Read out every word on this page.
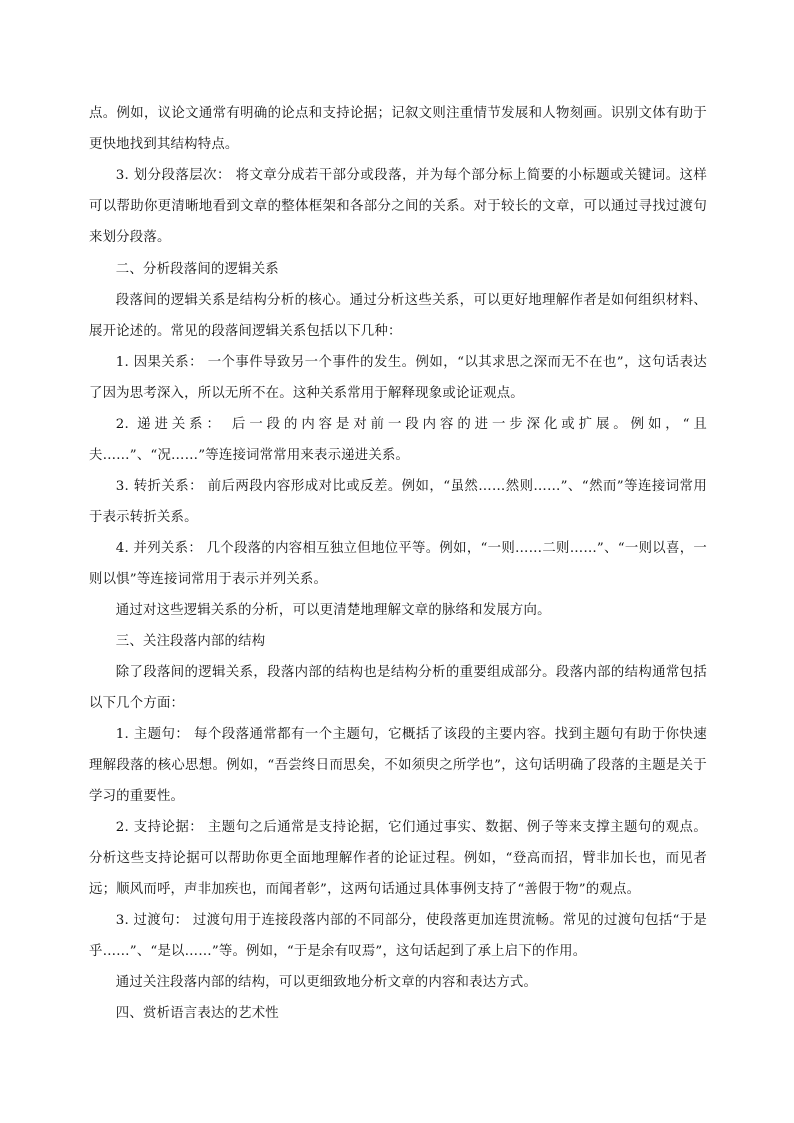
点。例如，议论文通常有明确的论点和支持论据；记叙文则注重情节发展和人物刻画。识别文体有助于更快地找到其结构特点。

3. 划分段落层次： 将文章分成若干部分或段落，并为每个部分标上简要的小标题或关键词。这样可以帮助你更清晰地看到文章的整体框架和各部分之间的关系。对于较长的文章，可以通过寻找过渡句来划分段落。

二、分析段落间的逻辑关系

段落间的逻辑关系是结构分析的核心。通过分析这些关系，可以更好地理解作者是如何组织材料、展开论述的。常见的段落间逻辑关系包括以下几种：

1. 因果关系： 一个事件导致另一个事件的发生。例如，“以其求思之深而无不在也”，这句话表达了因为思考深入，所以无所不在。这种关系常用于解释现象或论证观点。

2. 递进关系： 后一段的内容是对前一段内容的进一步深化或扩展。例如，“且夫……”、“况……”等连接词常常用来表示递进关系。

3. 转折关系： 前后两段内容形成对比或反差。例如，“虽然……然则……”、“然而”等连接词常用于表示转折关系。

4. 并列关系： 几个段落的内容相互独立但地位平等。例如，“一则……二则……”、“一则以喜，一则以惧”等连接词常用于表示并列关系。

通过对这些逻辑关系的分析，可以更清楚地理解文章的脉络和发展方向。

三、关注段落内部的结构

除了段落间的逻辑关系，段落内部的结构也是结构分析的重要组成部分。段落内部的结构通常包括以下几个方面：

1. 主题句： 每个段落通常都有一个主题句，它概括了该段的主要内容。找到主题句有助于你快速理解段落的核心思想。例如，“吾尝终日而思矣，不如须臾之所学也”，这句话明确了段落的主题是关于学习的重要性。

2. 支持论据： 主题句之后通常是支持论据，它们通过事实、数据、例子等来支撑主题句的观点。分析这些支持论据可以帮助你更全面地理解作者的论证过程。例如，“登高而招，臂非加长也，而见者远；顺风而呼，声非加疾也，而闻者彰”，这两句话通过具体事例支持了“善假于物”的观点。

3. 过渡句： 过渡句用于连接段落内部的不同部分，使段落更加连贯流畅。常见的过渡句包括“于是乎……”、“是以……”等。例如，“于是余有叹焉”，这句话起到了承上启下的作用。

通过关注段落内部的结构，可以更细致地分析文章的内容和表达方式。

四、赏析语言表达的艺术性
